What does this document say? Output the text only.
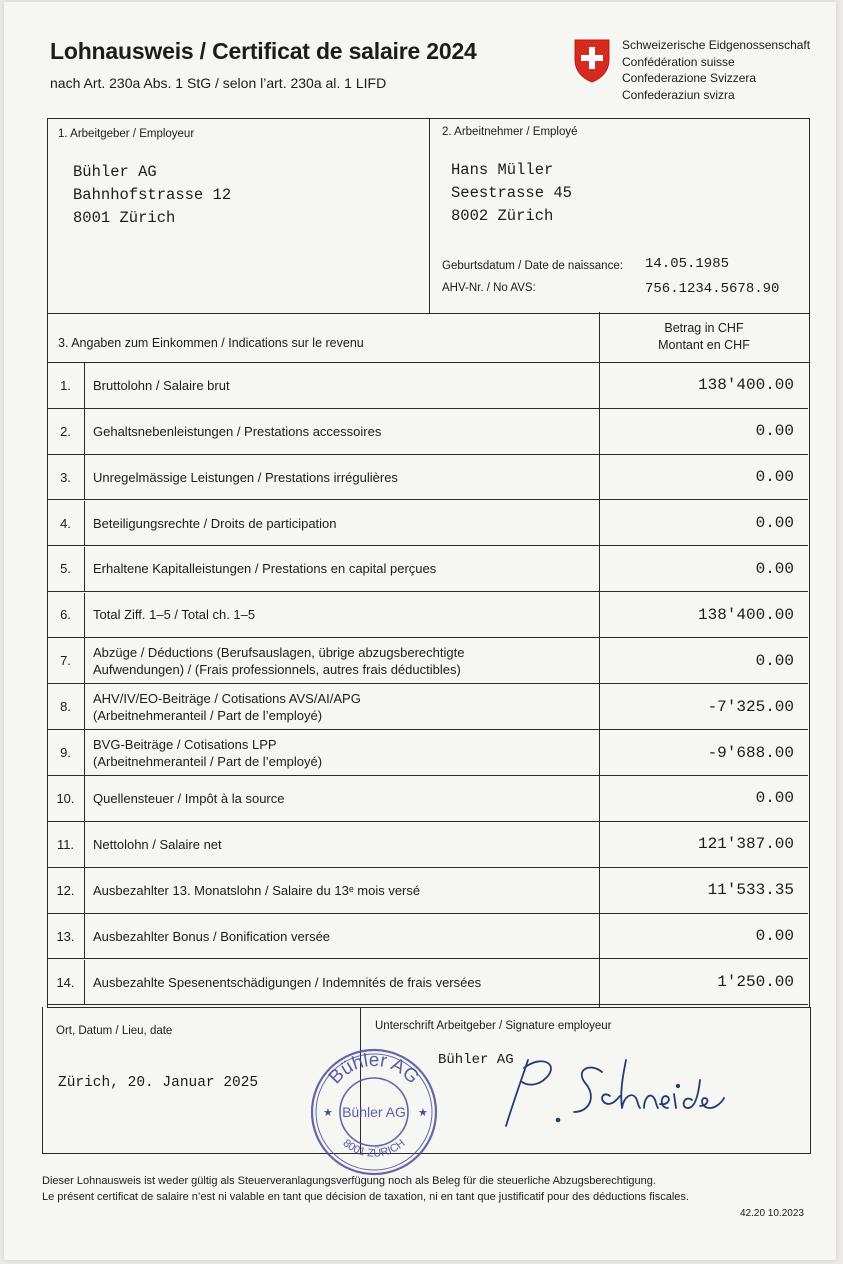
Lohnausweis / Certificat de salaire 2024
nach Art. 230a Abs. 1 StG / selon l’art. 230a al. 1 LIFD
Schweizerische Eidgenossenschaft
Confédération suisse
Confederazione Svizzera
Confederaziun svizra
1. Arbeitgeber / Employeur
Bühler AG
Bahnhofstrasse 12
8001 Zürich
2. Arbeitnehmer / Employé
Hans Müller
Seestrasse 45
8002 Zürich
Geburtsdatum / Date de naissance: 14.05.1985
AHV-Nr. / No AVS:	756.1234.5678.90
3. Angaben zum Einkommen / Indications sur le revenu
Betrag in CHF
Montant en CHF
1.	Bruttolohn / Salaire brut	138'400.00
2.	Gehaltsnebenleistungen / Prestations accessoires	0.00
3.	Unregelmässige Leistungen / Prestations irrégulières	0.00
4.	Beteiligungsrechte / Droits de participation	0.00
5.	Erhaltene Kapitalleistungen / Prestations en capital perçues	0.00
6.	Total Ziff. 1–5 / Total ch. 1–5	138'400.00
7.
Abzüge / Déductions (Berufsauslagen, übrige abzugsberechtigte
Aufwendungen) / (Frais professionnels, autres frais déductibles)	0.00
8.
AHV/IV/EO-Beiträge / Cotisations AVS/AI/APG
(Arbeitnehmeranteil / Part de l’employé)	-7'325.00
9.
BVG-Beiträge / Cotisations LPP
(Arbeitnehmeranteil / Part de l’employé)	-9'688.00
10.	Quellensteuer / Impôt à la source	0.00
11.	Nettolohn / Salaire net	121'387.00
12.	Ausbezahlter 13. Monatslohn / Salaire du 13ᵉ mois versé	11'533.35
13.	Ausbezahlter Bonus / Bonification versée	0.00
14.	Ausbezahlte Spesenentschädigungen / Indemnités de frais versées	1'250.00
Ort, Datum / Lieu, date
Zürich, 20. Januar 2025
Unterschrift Arbeitgeber / Signature employeur
Bühler AG
Bühler AG
Bühler AG
8001 ZÜRICH
★	★
Dieser Lohnausweis ist weder gültig als Steuerveranlagungsverfügung noch als Beleg für die steuerliche Abzugsberechtigung.
Le présent certificat de salaire n’est ni valable en tant que décision de taxation, ni en tant que justificatif pour des déductions fiscales.
42.20 10.2023
